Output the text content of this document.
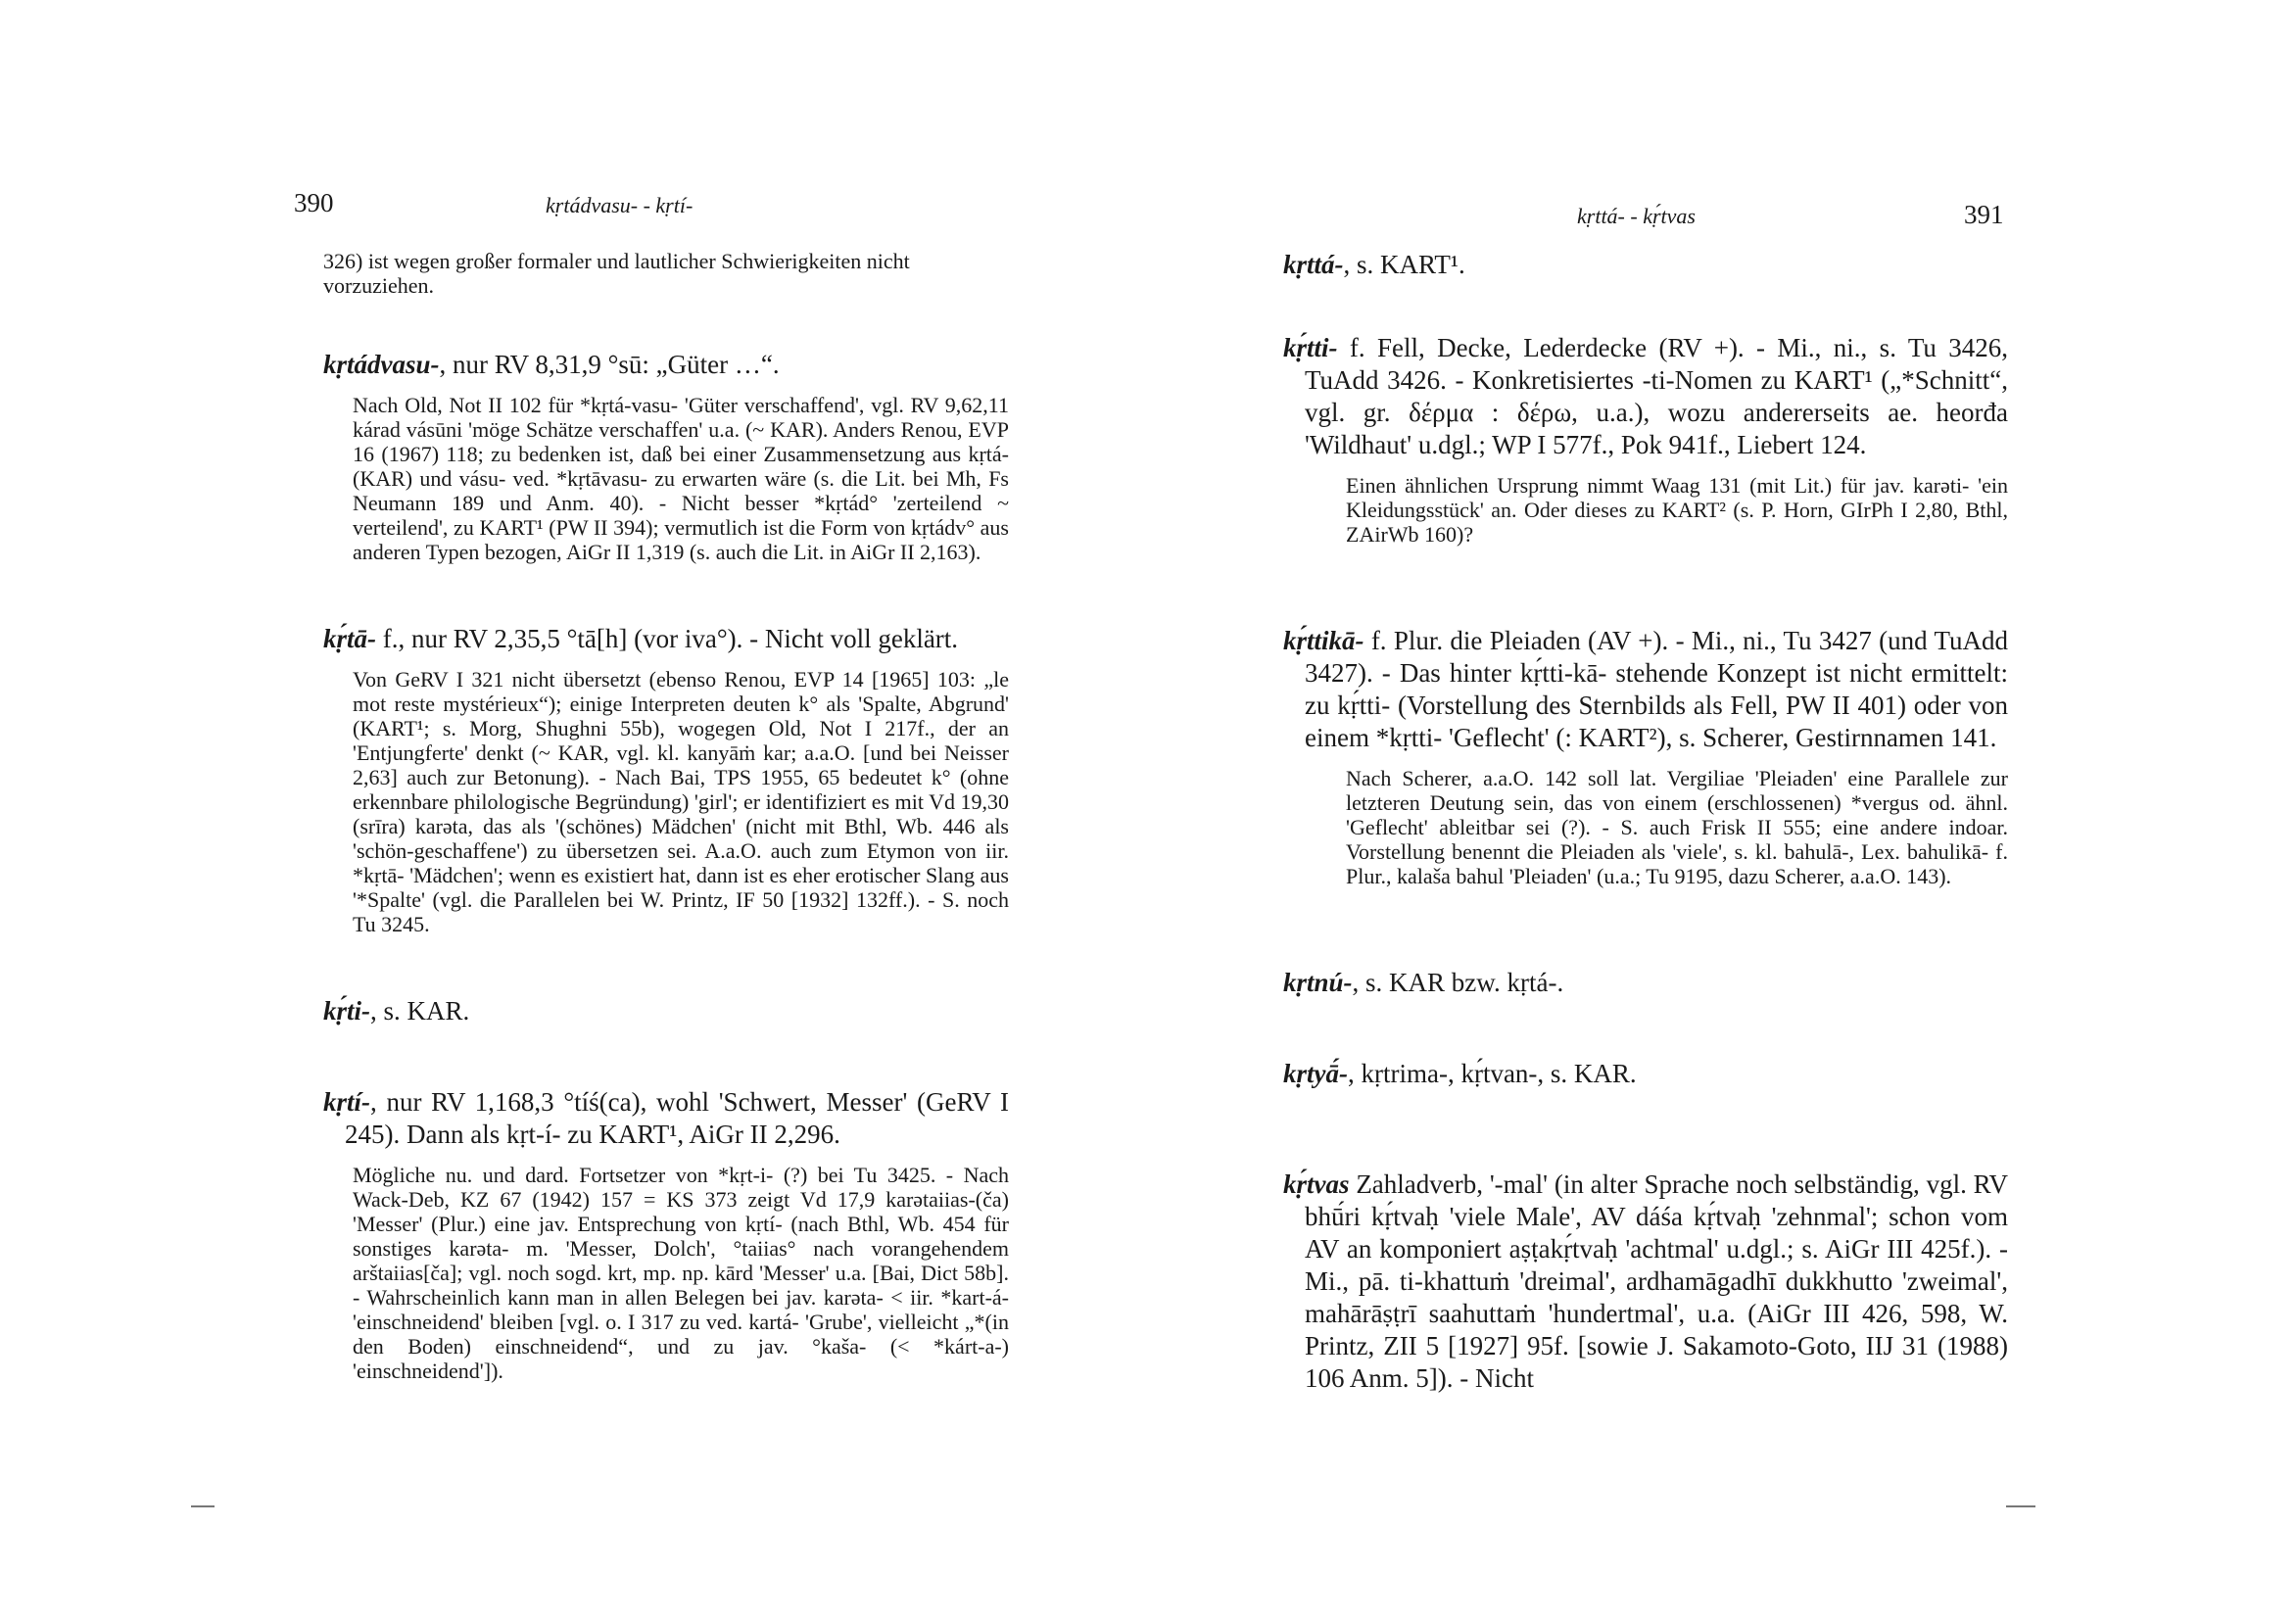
390	kṛtádvasu- - kṛtí-
326) ist wegen großer formaler und lautlicher Schwierigkeiten nicht vorzuziehen.
kṛtádvasu-, nur RV 8,31,9 °sū: „Güter …“.
Nach Old, Not II 102 für *kṛtá-vasu- 'Güter verschaffend', vgl. RV 9,62,11 kárad vásūni 'möge Schätze verschaffen' u.a. (~ KAR). Anders Renou, EVP 16 (1967) 118; zu bedenken ist, daß bei einer Zusammensetzung aus kṛtá- (KAR) und vásu- ved. *kṛtāvasu- zu erwarten wäre (s. die Lit. bei Mh, Fs Neumann 189 und Anm. 40). - Nicht besser *kṛtád° 'zerteilend ~ verteilend', zu KART¹ (PW II 394); vermutlich ist die Form von kṛtádv° aus anderen Typen bezogen, AiGr II 1,319 (s. auch die Lit. in AiGr II 2,163).
kṛ́tā- f., nur RV 2,35,5 °tā[h] (vor iva°). - Nicht voll geklärt.
Von GeRV I 321 nicht übersetzt (ebenso Renou, EVP 14 [1965] 103: „le mot reste mystérieux“); einige Interpreten deuten k° als 'Spalte, Abgrund' (KART¹; s. Morg, Shughni 55b), wogegen Old, Not I 217f., der an 'Entjungferte' denkt (~ KAR, vgl. kl. kanyāṁ kar; a.a.O. [und bei Neisser 2,63] auch zur Betonung). - Nach Bai, TPS 1955, 65 bedeutet k° (ohne erkennbare philologische Begründung) 'girl'; er identifiziert es mit Vd 19,30 (srīra) karəta, das als '(schönes) Mädchen' (nicht mit Bthl, Wb. 446 als 'schön-geschaffene') zu übersetzen sei. A.a.O. auch zum Etymon von iir. *kṛtā- 'Mädchen'; wenn es existiert hat, dann ist es eher erotischer Slang aus '*Spalte' (vgl. die Parallelen bei W. Printz, IF 50 [1932] 132ff.). - S. noch Tu 3245.
kṛ́ti-, s. KAR.
kṛtí-, nur RV 1,168,3 °tíś(ca), wohl 'Schwert, Messer' (GeRV I 245). Dann als kṛt-í- zu KART¹, AiGr II 2,296.
Mögliche nu. und dard. Fortsetzer von *kṛt-i- (?) bei Tu 3425. - Nach Wack-Deb, KZ 67 (1942) 157 = KS 373 zeigt Vd 17,9 karətaiias-(ča) 'Messer' (Plur.) eine jav. Entsprechung von kṛtí- (nach Bthl, Wb. 454 für sonstiges karəta- m. 'Messer, Dolch', °taiias° nach vorangehendem arštaiias[ča]; vgl. noch sogd. krt, mp. np. kārd 'Messer' u.a. [Bai, Dict 58b]. - Wahrscheinlich kann man in allen Belegen bei jav. karəta- < iir. *kart-á- 'einschneidend' bleiben [vgl. o. I 317 zu ved. kartá- 'Grube', vielleicht „*(in den Boden) einschneidend“, und zu jav. °kaša- (< *kárt-a-) 'einschneidend']).
kṛttá- - kṛ́tvas	391
kṛttá-, s. KART¹.
kṛ́tti- f. Fell, Decke, Lederdecke (RV +). - Mi., ni., s. Tu 3426, TuAdd 3426. - Konkretisiertes -ti-Nomen zu KART¹ („*Schnitt“, vgl. gr. δέρμα : δέρω, u.a.), wozu andererseits ae. heorđa 'Wildhaut' u.dgl.; WP I 577f., Pok 941f., Liebert 124.
Einen ähnlichen Ursprung nimmt Waag 131 (mit Lit.) für jav. karəti- 'ein Kleidungsstück' an. Oder dieses zu KART² (s. P. Horn, GIrPh I 2,80, Bthl, ZAirWb 160)?
kṛ́ttikā- f. Plur. die Pleiaden (AV +). - Mi., ni., Tu 3427 (und TuAdd 3427). - Das hinter kṛ́tti-kā- stehende Konzept ist nicht ermittelt: zu kṛ́tti- (Vorstellung des Sternbilds als Fell, PW II 401) oder von einem *kṛtti- 'Geflecht' (: KART²), s. Scherer, Gestirnnamen 141.
Nach Scherer, a.a.O. 142 soll lat. Vergiliae 'Pleiaden' eine Parallele zur letzteren Deutung sein, das von einem (erschlossenen) *vergus od. ähnl. 'Geflecht' ableitbar sei (?). - S. auch Frisk II 555; eine andere indoar. Vorstellung benennt die Pleiaden als 'viele', s. kl. bahulā-, Lex. bahulikā- f. Plur., kalaša bahul 'Pleiaden' (u.a.; Tu 9195, dazu Scherer, a.a.O. 143).
kṛtnú-, s. KAR bzw. kṛtá-.
kṛtyā́-, kṛtrima-, kṛ́tvan-, s. KAR.
kṛ́tvas Zahladverb, '-mal' (in alter Sprache noch selbständig, vgl. RV bhū́ri kṛ́tvaḥ 'viele Male', AV dáśa kṛ́tvaḥ 'zehnmal'; schon vom AV an komponiert aṣṭakṛ́tvaḥ 'achtmal' u.dgl.; s. AiGr III 425f.). - Mi., pā. ti-khattuṁ 'dreimal', ardhamāgadhī dukkhutto 'zweimal', mahārāṣṭrī saahuttaṁ 'hundertmal', u.a. (AiGr III 426, 598, W. Printz, ZII 5 [1927] 95f. [sowie J. Sakamoto-Goto, IIJ 31 (1988) 106 Anm. 5]). - Nicht
